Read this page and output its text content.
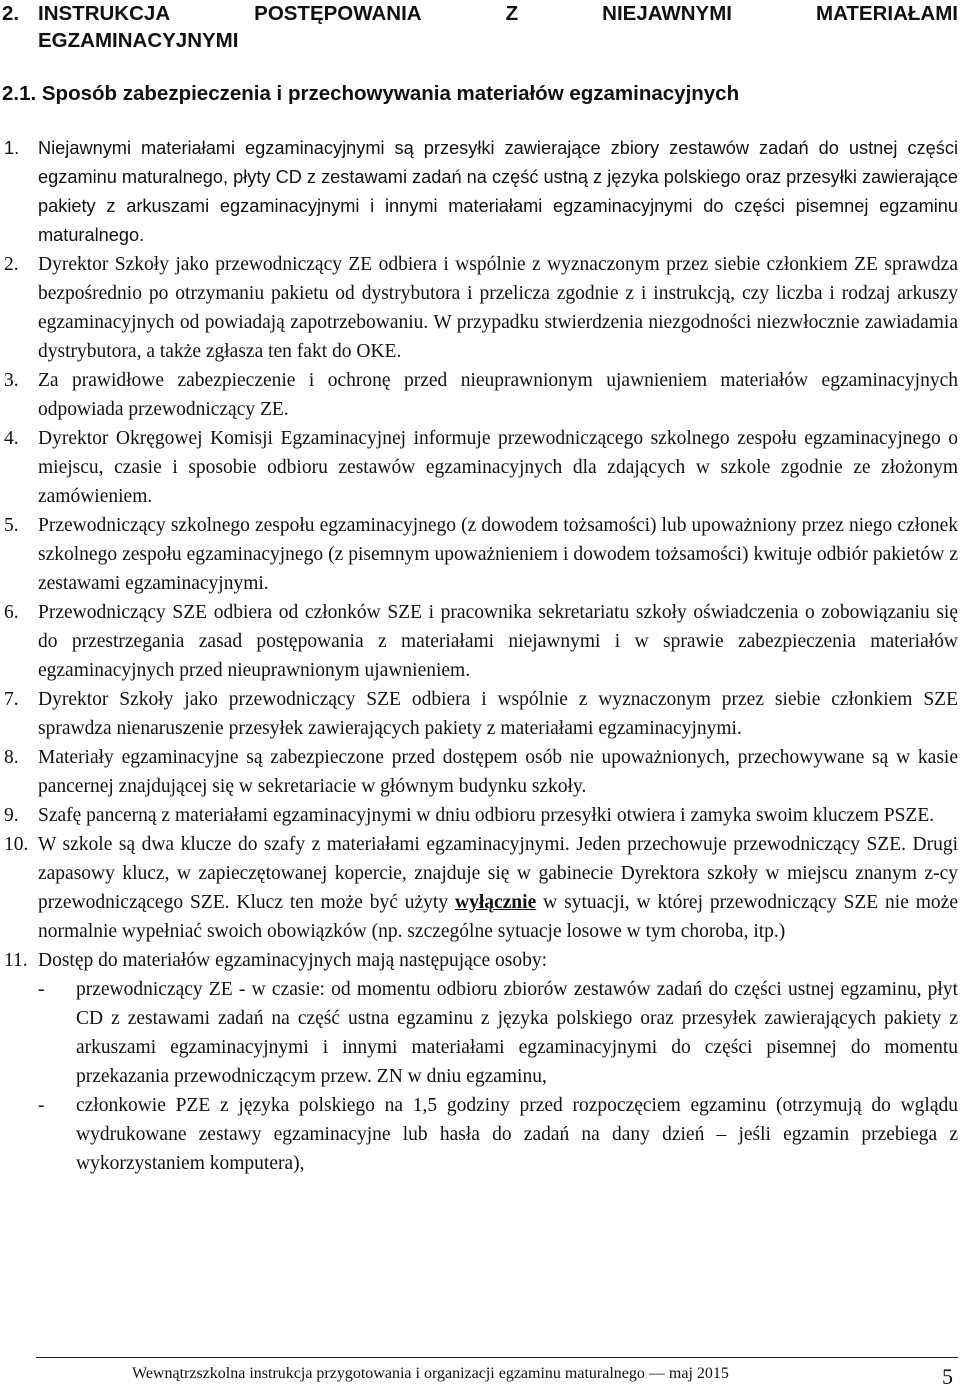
2. INSTRUKCJA	POSTĘPOWANIA	Z	NIEJAWNYMI	MATERIAŁAMI
EGZAMINACYJNYMI
2.1. Sposób zabezpieczenia i przechowywania materiałów egzaminacyjnych
1. Niejawnymi materiałami egzaminacyjnymi są przesyłki zawierające zbiory zestawów zadań do ustnej części egzaminu maturalnego, płyty CD z zestawami zadań na część ustną z języka polskiego oraz przesyłki zawierające pakiety z arkuszami egzaminacyjnymi i innymi materiałami egzaminacyjnymi do części pisemnej egzaminu maturalnego.
2. Dyrektor Szkoły jako przewodniczący ZE odbiera i wspólnie z wyznaczonym przez siebie członkiem ZE sprawdza bezpośrednio po otrzymaniu pakietu od dystrybutora i przelicza zgodnie z i instrukcją, czy liczba i rodzaj arkuszy egzaminacyjnych od powiadają zapotrzebowaniu. W przypadku stwierdzenia niezgodności niezwłocznie zawiadamia dystrybutora, a także zgłasza ten fakt do OKE.
3. Za prawidłowe zabezpieczenie i ochronę przed nieuprawnionym ujawnieniem materiałów egzaminacyjnych odpowiada przewodniczący ZE.
4. Dyrektor Okręgowej Komisji Egzaminacyjnej informuje przewodniczącego szkolnego zespołu egzaminacyjnego o miejscu, czasie i sposobie odbioru zestawów egzaminacyjnych dla zdających w szkole zgodnie ze złożonym zamówieniem.
5. Przewodniczący szkolnego zespołu egzaminacyjnego (z dowodem tożsamości) lub upoważniony przez niego członek szkolnego zespołu egzaminacyjnego (z pisemnym upoważnieniem i dowodem tożsamości) kwituje odbiór pakietów z zestawami egzaminacyjnymi.
6. Przewodniczący SZE odbiera od członków SZE i pracownika sekretariatu szkoły oświadczenia o zobowiązaniu się do przestrzegania zasad postępowania z materiałami niejawnymi i w sprawie zabezpieczenia materiałów egzaminacyjnych przed nieuprawnionym ujawnieniem.
7. Dyrektor Szkoły jako przewodniczący SZE odbiera i wspólnie z wyznaczonym przez siebie członkiem SZE sprawdza nienaruszenie przesyłek zawierających pakiety z materiałami egzaminacyjnymi.
8. Materiały egzaminacyjne są zabezpieczone przed dostępem osób nie upoważnionych, przechowywane są w kasie pancernej znajdującej się w sekretariacie w głównym budynku szkoły.
9. Szafę pancerną z materiałami egzaminacyjnymi w dniu odbioru przesyłki otwiera i zamyka swoim kluczem PSZE.
10. W szkole są dwa klucze do szafy z materiałami egzaminacyjnymi. Jeden przechowuje przewodniczący SZE. Drugi zapasowy klucz, w zapieczętowanej kopercie, znajduje się w gabinecie Dyrektora szkoły w miejscu znanym z-cy przewodniczącego SZE. Klucz ten może być użyty wyłącznie w sytuacji, w której przewodniczący SZE nie może normalnie wypełniać swoich obowiązków (np. szczególne sytuacje losowe w tym choroba, itp.)
11. Dostęp do materiałów egzaminacyjnych mają następujące osoby:
- przewodniczący ZE - w czasie: od momentu odbioru zbiorów zestawów zadań do części ustnej egzaminu, płyt CD z zestawami zadań na część ustna egzaminu z języka polskiego oraz przesyłek zawierających pakiety z arkuszami egzaminacyjnymi i innymi materiałami egzaminacyjnymi do części pisemnej do momentu przekazania przewodniczącym przew. ZN w dniu egzaminu,
- członkowie PZE z języka polskiego na 1,5 godziny przed rozpoczęciem egzaminu (otrzymują do wglądu wydrukowane zestawy egzaminacyjne lub hasła do zadań na dany dzień – jeśli egzamin przebiega z wykorzystaniem komputera),
Wewnątrzszkolna instrukcja przygotowania i organizacji egzaminu maturalnego — maj 2015	5
